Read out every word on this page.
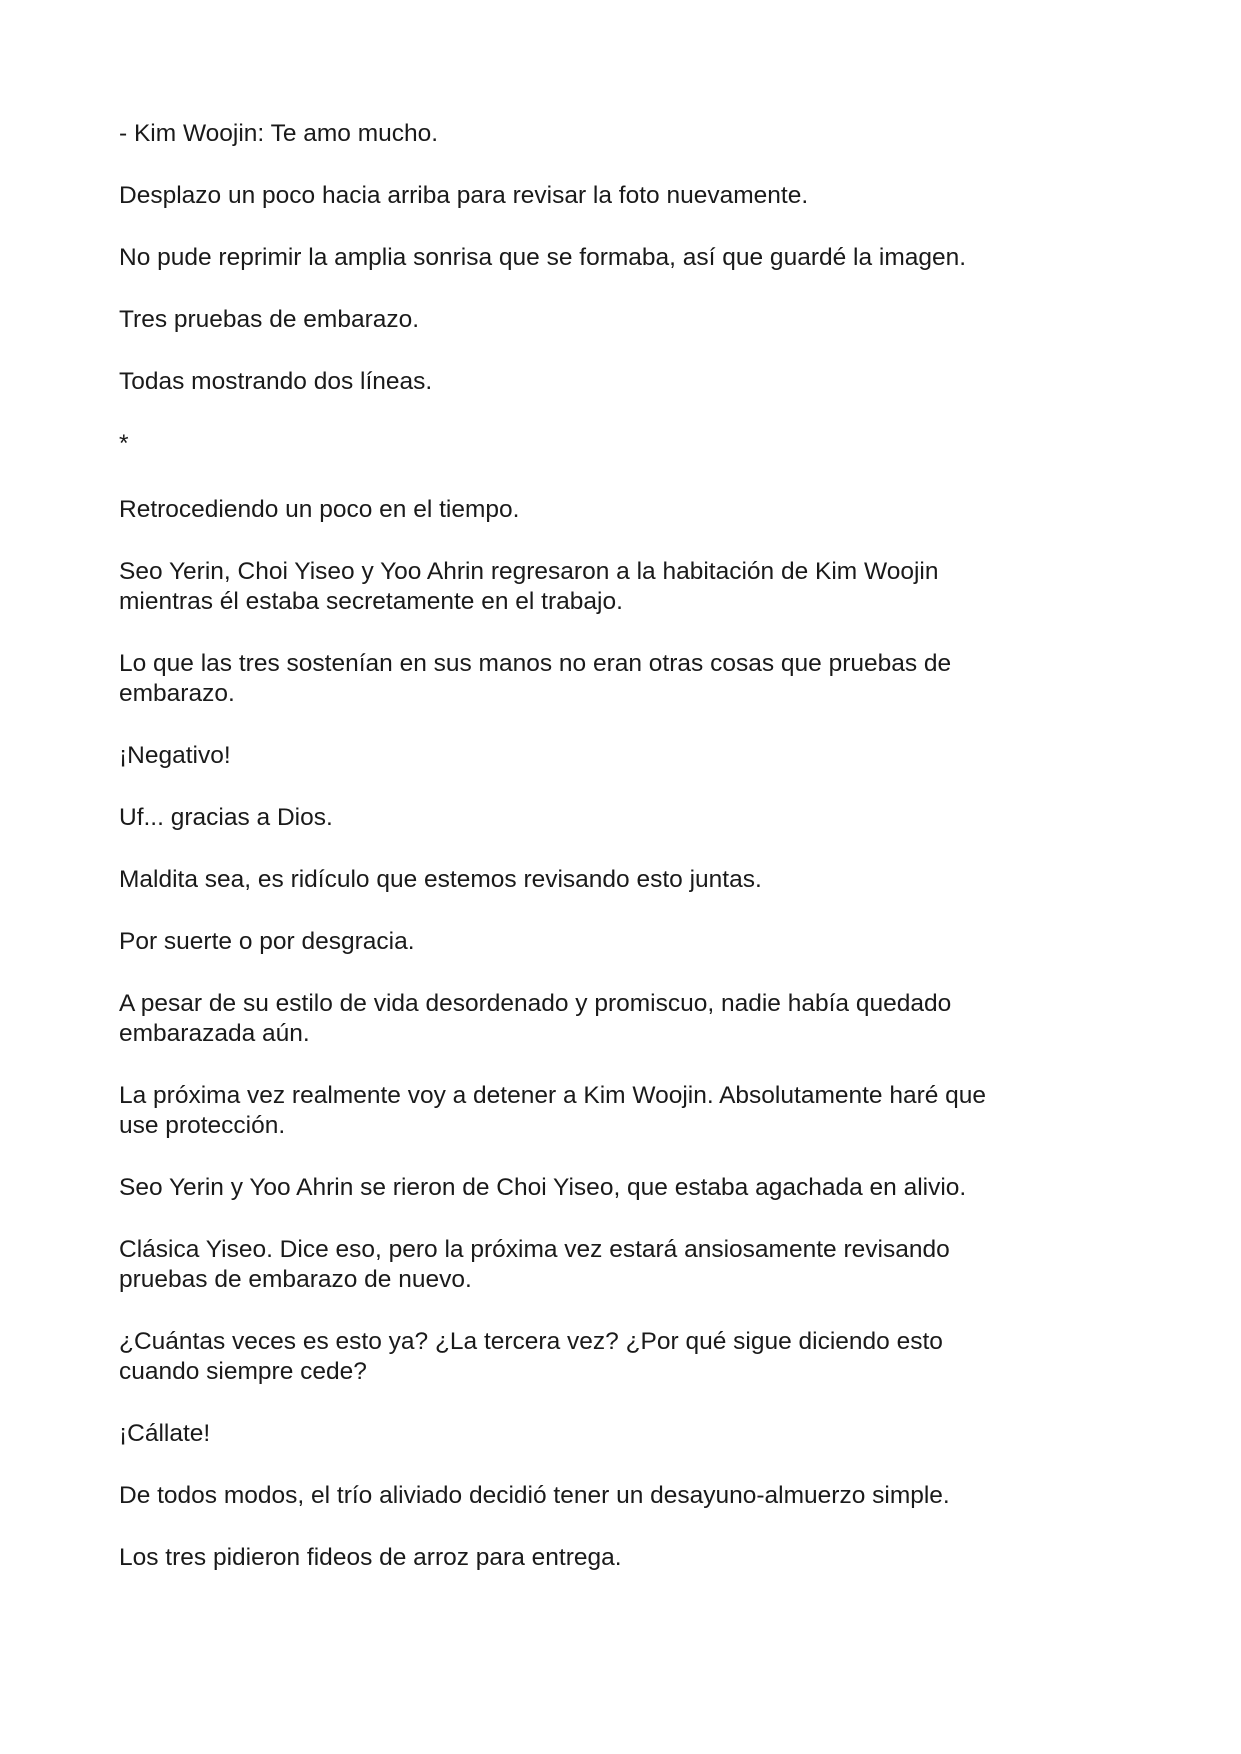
- Kim Woojin: Te amo mucho.

Desplazo un poco hacia arriba para revisar la foto nuevamente.

No pude reprimir la amplia sonrisa que se formaba, así que guardé la imagen.

Tres pruebas de embarazo.

Todas mostrando dos líneas.

*

Retrocediendo un poco en el tiempo.

Seo Yerin, Choi Yiseo y Yoo Ahrin regresaron a la habitación de Kim Woojin
mientras él estaba secretamente en el trabajo.

Lo que las tres sostenían en sus manos no eran otras cosas que pruebas de
embarazo.

¡Negativo!

Uf... gracias a Dios.

Maldita sea, es ridículo que estemos revisando esto juntas.

Por suerte o por desgracia.

A pesar de su estilo de vida desordenado y promiscuo, nadie había quedado
embarazada aún.

La próxima vez realmente voy a detener a Kim Woojin. Absolutamente haré que
use protección.

Seo Yerin y Yoo Ahrin se rieron de Choi Yiseo, que estaba agachada en alivio.

Clásica Yiseo. Dice eso, pero la próxima vez estará ansiosamente revisando
pruebas de embarazo de nuevo.

¿Cuántas veces es esto ya? ¿La tercera vez? ¿Por qué sigue diciendo esto
cuando siempre cede?

¡Cállate!

De todos modos, el trío aliviado decidió tener un desayuno-almuerzo simple.

Los tres pidieron fideos de arroz para entrega.
